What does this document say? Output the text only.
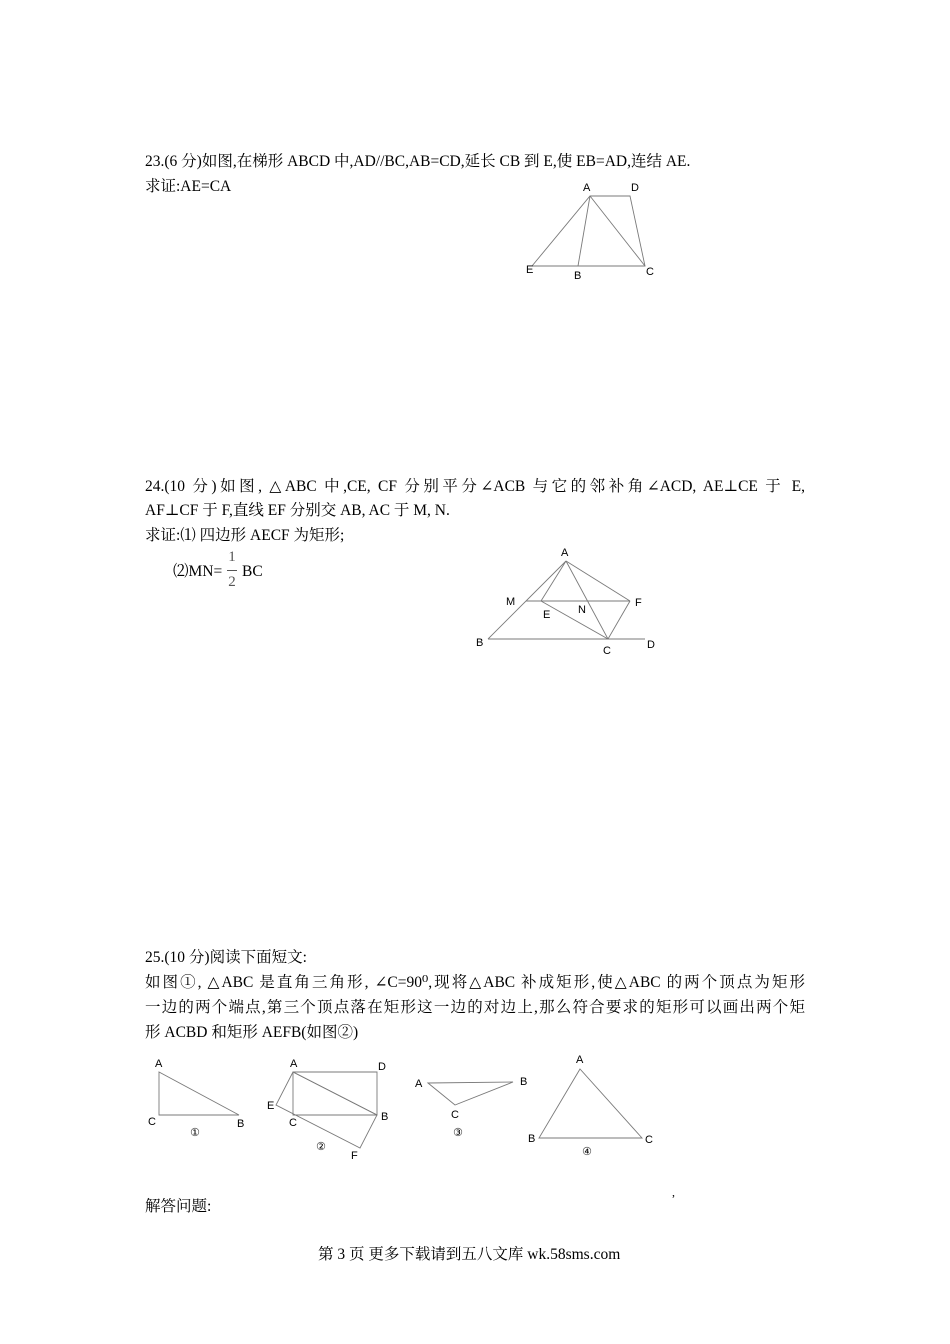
23.(6 分)如图,在梯形 ABCD 中,AD//BC,AB=CD,延长 CB 到 E,使 EB=AD,连结 AE.
求证:AE=CA	A	D
E	B	C
24.(10 分)如图, △ABC 中,CE, CF 分别平分∠ACB 与它的邻补角∠ACD, AE⊥CE 于 E,
AF⊥CF 于 F,直线 EF 分别交 AB, AC 于 M, N.
求证:⑴ 四边形 AECF 为矩形;
⑵MN=
1
2
BC
A
M
E	N
F
B
C	D
25.(10 分)阅读下面短文:
如图①, △ABC 是直角三角形, ∠C=90⁰,现将△ABC 补成矩形,使△ABC 的两个顶点为矩形
一边的两个端点,第三个顶点落在矩形这一边的对边上,那么符合要求的矩形可以画出两个矩
形 ACBD 和矩形 AEFB(如图②)
A
C	B
①
A	D
E
C	B
F
②
A	B
C
③
A
B	C
④
,
解答问题:
第 3 页 更多下载请到五八文库 wk.58sms.com
